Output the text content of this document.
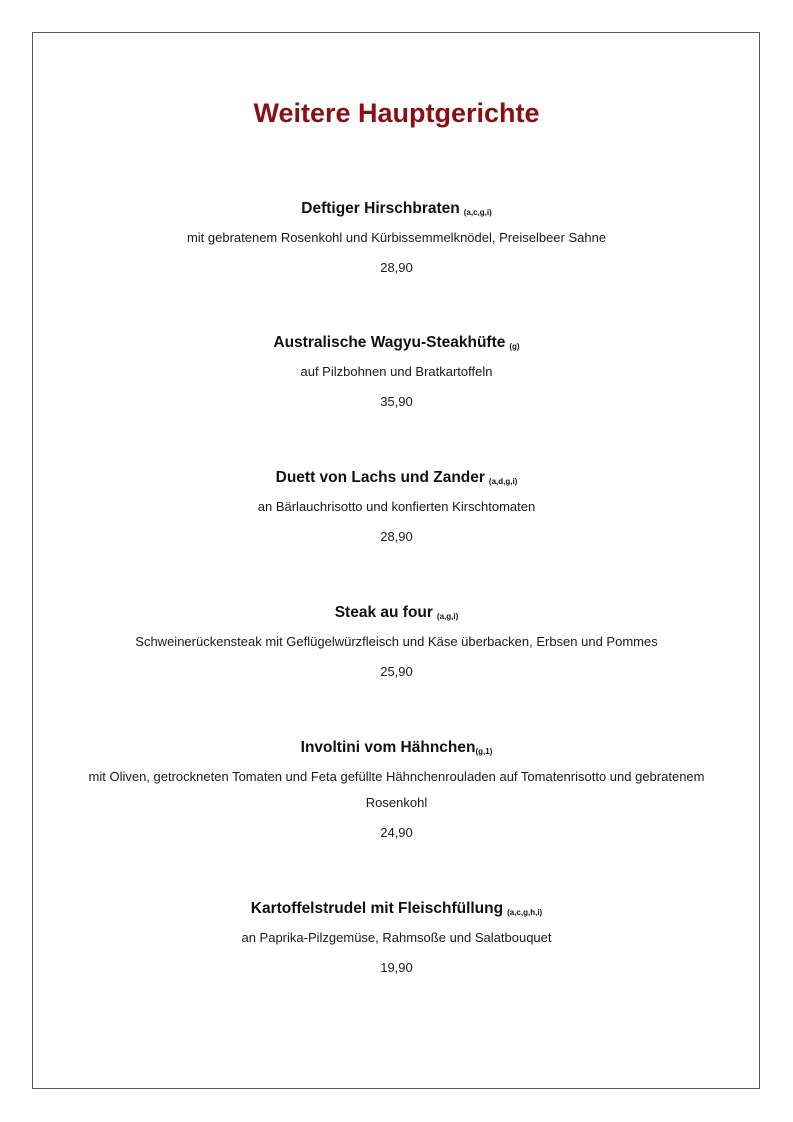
Weitere Hauptgerichte
Deftiger Hirschbraten (a,c,g,i)
mit gebratenem Rosenkohl und Kürbissemmelknödel, Preiselbeer Sahne
28,90
Australische Wagyu-Steakhüfte (g)
auf Pilzbohnen und Bratkartoffeln
35,90
Duett von Lachs und Zander (a,d,g,i)
an Bärlauchrisotto und konfierten Kirschtomaten
28,90
Steak au four (a,g,i)
Schweinerückensteak mit Geflügelwürzfleisch und Käse überbacken, Erbsen und Pommes
25,90
Involtini vom Hähnchen(g,1)
mit Oliven, getrockneten Tomaten und Feta gefüllte Hähnchenrouladen auf Tomatenrisotto und gebratenem Rosenkohl
24,90
Kartoffelstrudel mit Fleischfüllung (a,c,g,h,i)
an Paprika-Pilzgemüse, Rahmsoße und Salatbouquet
19,90
